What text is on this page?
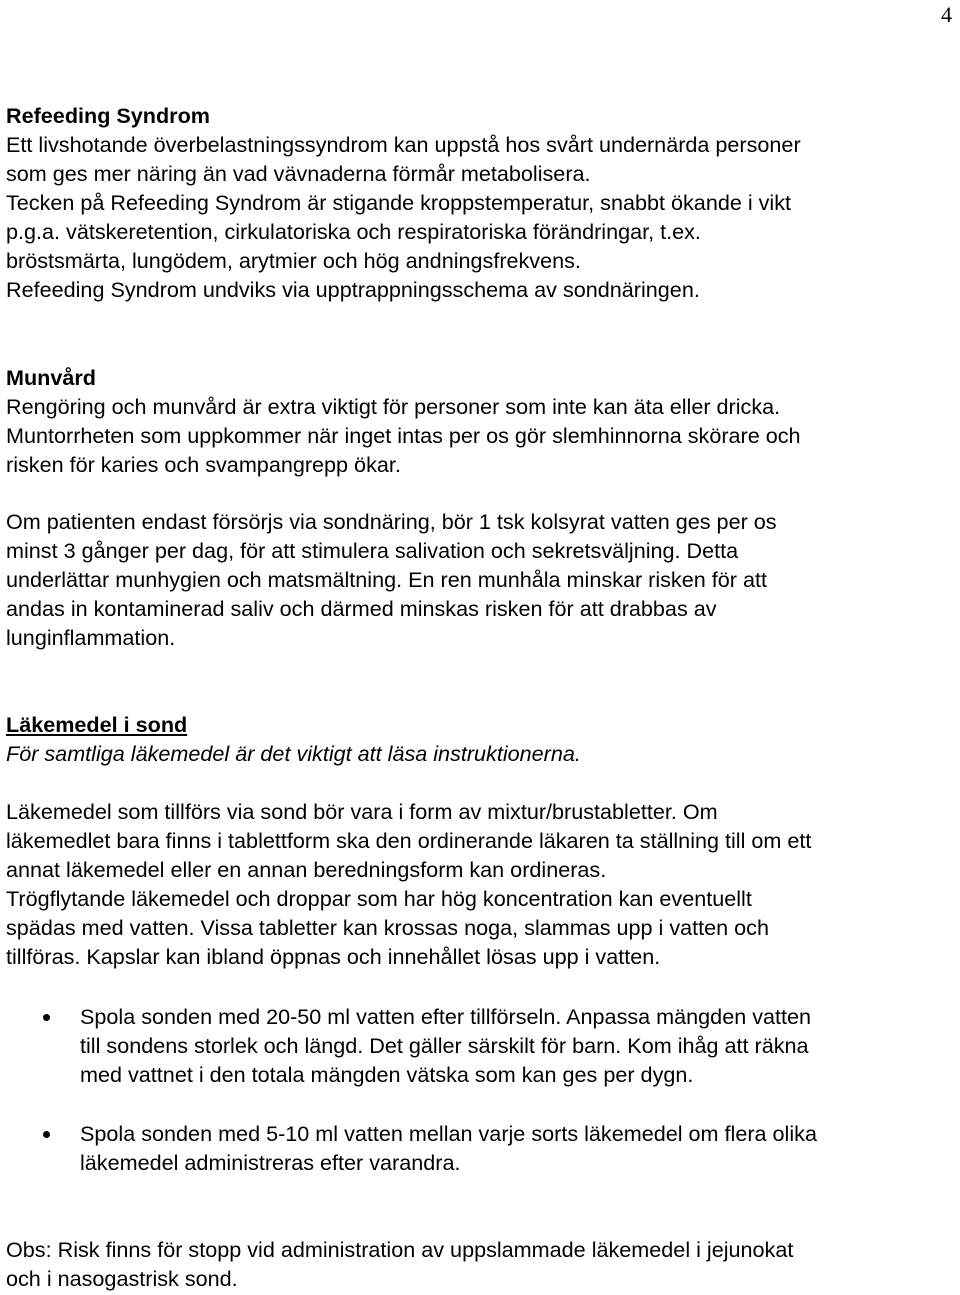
4

Refeeding Syndrom

Ett livshotande överbelastningssyndrom kan uppstå hos svårt undernärda personer

som ges mer näring än vad vävnaderna förmår metabolisera.

Tecken på Refeeding Syndrom är stigande kroppstemperatur, snabbt ökande i vikt

p.g.a. vätskeretention, cirkulatoriska och respiratoriska förändringar, t.ex.

bröstsmärta, lungödem, arytmier och hög andningsfrekvens.

Refeeding Syndrom undviks via upptrappningsschema av sondnäringen.

Munvård

Rengöring och munvård är extra viktigt för personer som inte kan äta eller dricka.

Muntorrheten som uppkommer när inget intas per os gör slemhinnorna skörare och

risken för karies och svampangrepp ökar.

Om patienten endast försörjs via sondnäring, bör 1 tsk kolsyrat vatten ges per os

minst 3 gånger per dag, för att stimulera salivation och sekretsväljning. Detta

underlättar munhygien och matsmältning. En ren munhåla minskar risken för att

andas in kontaminerad saliv och därmed minskas risken för att drabbas av

lunginflammation.

Läkemedel i sond

För samtliga läkemedel är det viktigt att läsa instruktionerna.

Läkemedel som tillförs via sond bör vara i form av mixtur/brustabletter. Om

läkemedlet bara finns i tablettform ska den ordinerande läkaren ta ställning till om ett

annat läkemedel eller en annan beredningsform kan ordineras.

Trögflytande läkemedel och droppar som har hög koncentration kan eventuellt

spädas med vatten. Vissa tabletter kan krossas noga, slammas upp i vatten och

tillföras. Kapslar kan ibland öppnas och innehållet lösas upp i vatten.

Spola sonden med 20-50 ml vatten efter tillförseln. Anpassa mängden vatten

till sondens storlek och längd. Det gäller särskilt för barn. Kom ihåg att räkna

med vattnet i den totala mängden vätska som kan ges per dygn.

Spola sonden med 5-10 ml vatten mellan varje sorts läkemedel om flera olika

läkemedel administreras efter varandra.

Obs: Risk finns för stopp vid administration av uppslammade läkemedel i jejunokat

och i nasogastrisk sond.
